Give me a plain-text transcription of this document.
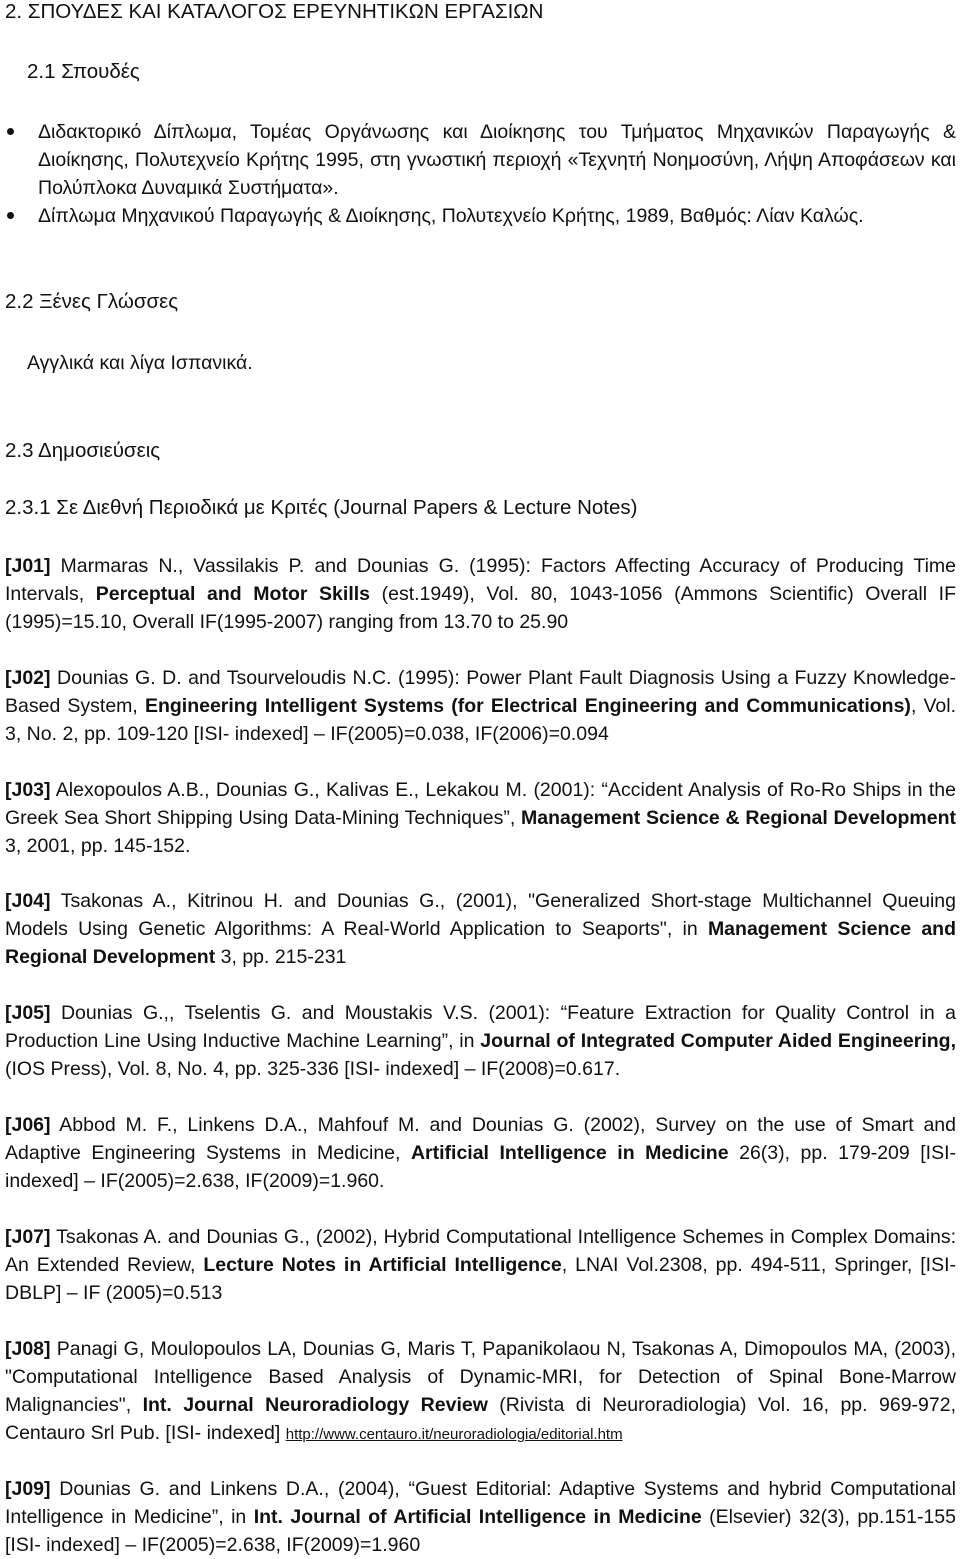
2. ΣΠΟΥΔΕΣ ΚΑΙ ΚΑΤΑΛΟΓΟΣ ΕΡΕΥΝΗΤΙΚΩΝ ΕΡΓΑΣΙΩΝ
2.1 Σπουδές
Διδακτορικό Δίπλωμα, Τομέας Οργάνωσης και Διοίκησης του Τμήματος Μηχανικών Παραγωγής & Διοίκησης, Πολυτεχνείο Κρήτης 1995, στη γνωστική περιοχή «Τεχνητή Νοημοσύνη, Λήψη Αποφάσεων και Πολύπλοκα Δυναμικά Συστήματα».
Δίπλωμα Μηχανικού Παραγωγής & Διοίκησης, Πολυτεχνείο Κρήτης, 1989, Βαθμός: Λίαν Καλώς.
2.2 Ξένες Γλώσσες
Αγγλικά και λίγα Ισπανικά.
2.3 Δημοσιεύσεις
2.3.1 Σε Διεθνή Περιοδικά με Κριτές (Journal Papers & Lecture Notes)

[J01] Marmaras N., Vassilakis P. and Dounias G. (1995): Factors Affecting Accuracy of Producing Time Intervals, Perceptual and Motor Skills (est.1949), Vol. 80, 1043-1056 (Ammons Scientific) Overall IF (1995)=15.10, Overall IF(1995-2007) ranging from 13.70 to 25.90

[J02] Dounias G. D. and Tsourveloudis N.C. (1995): Power Plant Fault Diagnosis Using a Fuzzy Knowledge-Based System, Engineering Intelligent Systems (for Electrical Engineering and Communications), Vol. 3, No. 2, pp. 109-120 [ISI- indexed] – IF(2005)=0.038, IF(2006)=0.094

[J03] Alexopoulos A.B., Dounias G., Kalivas E., Lekakou M. (2001): “Accident Analysis of Ro-Ro Ships in the Greek Sea Short Shipping Using Data-Mining Techniques”, Management Science & Regional Development 3, 2001, pp. 145-152.

[J04] Tsakonas A., Kitrinou H. and Dounias G., (2001), "Generalized Short-stage Multichannel Queuing Models Using Genetic Algorithms: A Real-World Application to Seaports", in Management Science and Regional Development 3, pp. 215-231

[J05] Dounias G.,, Tselentis G. and Moustakis V.S. (2001): “Feature Extraction for Quality Control in a Production Line Using Inductive Machine Learning”, in Journal of Integrated Computer Aided Engineering, (IOS Press), Vol. 8, No. 4, pp. 325-336 [ISI- indexed] – IF(2008)=0.617.

[J06] Abbod M. F., Linkens D.A., Mahfouf M. and Dounias G. (2002), Survey on the use of Smart and Adaptive Engineering Systems in Medicine, Artificial Intelligence in Medicine 26(3), pp. 179-209 [ISI-indexed] – IF(2005)=2.638, IF(2009)=1.960.

[J07] Tsakonas A. and Dounias G., (2002), Hybrid Computational Intelligence Schemes in Complex Domains: An Extended Review, Lecture Notes in Artificial Intelligence, LNAI Vol.2308, pp. 494-511, Springer, [ISI- DBLP] – IF (2005)=0.513

[J08] Panagi G, Moulopoulos LA, Dounias G, Maris T, Papanikolaou N, Tsakonas A, Dimopoulos MA, (2003), "Computational Intelligence Based Analysis of Dynamic-MRI, for Detection of Spinal Bone-Marrow Malignancies", Int. Journal Neuroradiology Review (Rivista di Neuroradiologia) Vol. 16, pp. 969-972, Centauro Srl Pub. [ISI- indexed] http://www.centauro.it/neuroradiologia/editorial.htm

[J09] Dounias G. and Linkens D.A., (2004), “Guest Editorial: Adaptive Systems and hybrid Computational Intelligence in Medicine”, in Int. Journal of Artificial Intelligence in Medicine (Elsevier) 32(3), pp.151-155 [ISI- indexed] – IF(2005)=2.638, IF(2009)=1.960
